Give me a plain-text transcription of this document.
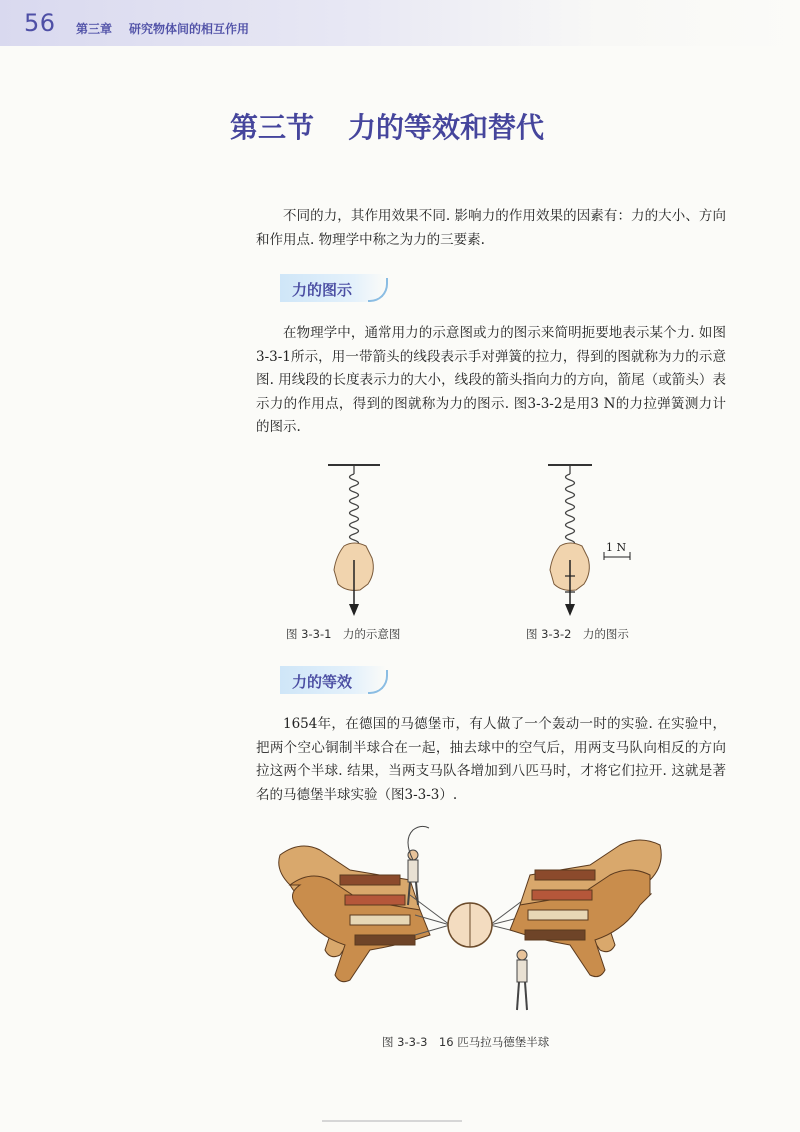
56 第三章 研究物体间的相互作用
第三节 力的等效和替代

不同的力，其作用效果不同. 影响力的作用效果的因素有：力的大小、方向和作用点. 物理学中称之为力的三要素.

力的图示

在物理学中，通常用力的示意图或力的图示来简明扼要地表示某个力. 如图3-3-1所示，用一带箭头的线段表示手对弹簧的拉力，得到的图就称为力的示意图. 用线段的长度表示力的大小，线段的箭头指向力的方向，箭尾（或箭头）表示力的作用点，得到的图就称为力的图示. 图3-3-2是用3 N的力拉弹簧测力计的图示.

图 3-3-1　力的示意图
1 N
图 3-3-2　力的图示
力的等效

1654年，在德国的马德堡市，有人做了一个轰动一时的实验. 在实验中，把两个空心铜制半球合在一起，抽去球中的空气后，用两支马队向相反的方向拉这两个半球. 结果，当两支马队各增加到八匹马时，才将它们拉开. 这就是著名的马德堡半球实验（图3-3-3）.

图 3-3-3　16 匹马拉马德堡半球
